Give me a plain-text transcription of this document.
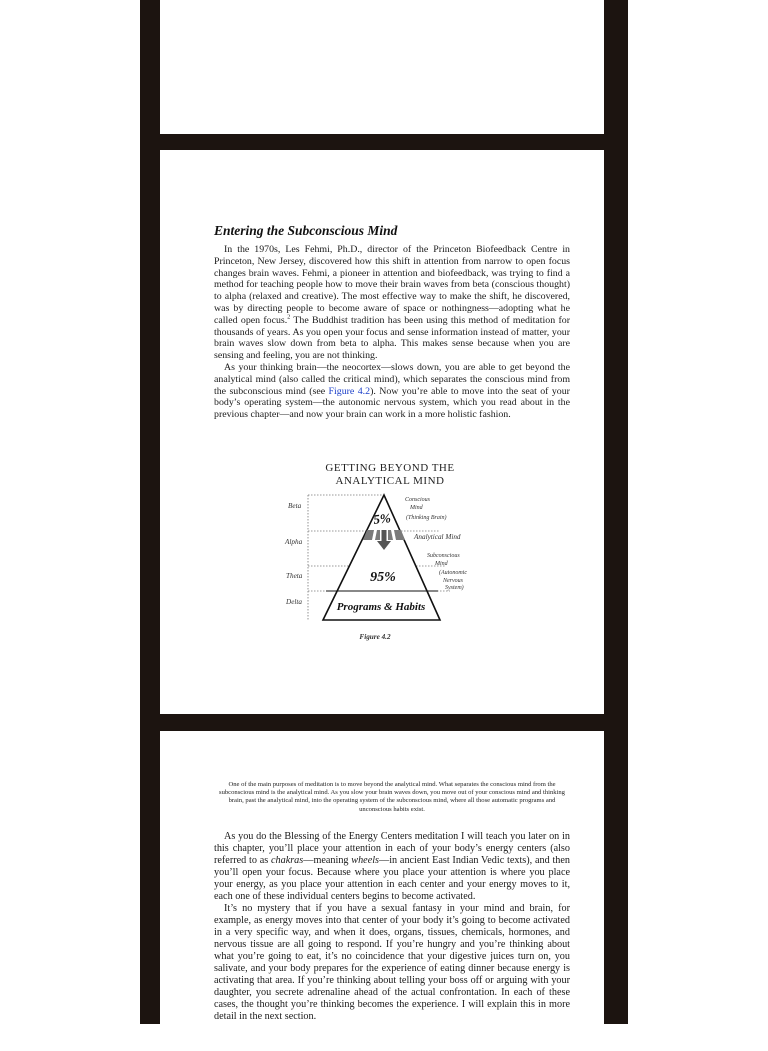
Entering the Subconscious Mind

In the 1970s, Les Fehmi, Ph.D., director of the Princeton Biofeedback Centre in Princeton, New Jersey, discovered how this shift in attention from narrow to open focus changes brain waves. Fehmi, a pioneer in attention and biofeedback, was trying to find a method for teaching people how to move their brain waves from beta (conscious thought) to alpha (relaxed and creative). The most effective way to make the shift, he discovered, was by directing people to become aware of space or nothingness—adopting what he called open focus.$^2$ The Buddhist tradition has been using this method of meditation for thousands of years. As you open your focus and sense information instead of matter, your brain waves slow down from beta to alpha. This makes sense because when you are sensing and feeling, you are not thinking.

As your thinking brain—the neocortex—slows down, you are able to get beyond the analytical mind (also called the critical mind), which separates the conscious mind from the subconscious mind (see Figure 4.2). Now you’re able to move into the seat of your body’s operating system—the autonomic nervous system, which you read about in the previous chapter—and now your brain can work in a more holistic fashion.

GETTING BEYOND THE
ANALYTICAL MIND
Beta
Alpha
Theta
Delta
5%
95%
Programs & Habits
Conscious
Mind
(Thinking Brain)
Analytical Mind
Subconscious
Mind
(Autonomic
Nervous
System)
Figure 4.2

One of the main purposes of meditation is to move beyond the analytical mind. What separates the conscious mind from the subconscious mind is the analytical mind. As you slow your brain waves down, you move out of your conscious mind and thinking brain, past the analytical mind, into the operating system of the subconscious mind, where all those automatic programs and unconscious habits exist.

As you do the Blessing of the Energy Centers meditation I will teach you later on in this chapter, you’ll place your attention in each of your body’s energy centers (also referred to as chakras—meaning wheels—in ancient East Indian Vedic texts), and then you’ll open your focus. Because where you place your attention is where you place your energy, as you place your attention in each center and your energy moves to it, each one of these individual centers begins to become activated.

It’s no mystery that if you have a sexual fantasy in your mind and brain, for example, as energy moves into that center of your body it’s going to become activated in a very specific way, and when it does, organs, tissues, chemicals, hormones, and nervous tissue are all going to respond. If you’re hungry and you’re thinking about what you’re going to eat, it’s no coincidence that your digestive juices turn on, you salivate, and your body prepares for the experience of eating dinner because energy is activating that area. If you’re thinking about telling your boss off or arguing with your daughter, you secrete adrenaline ahead of the actual confrontation. In each of these cases, the thought you’re thinking becomes the experience. I will explain this in more detail in the next section.
